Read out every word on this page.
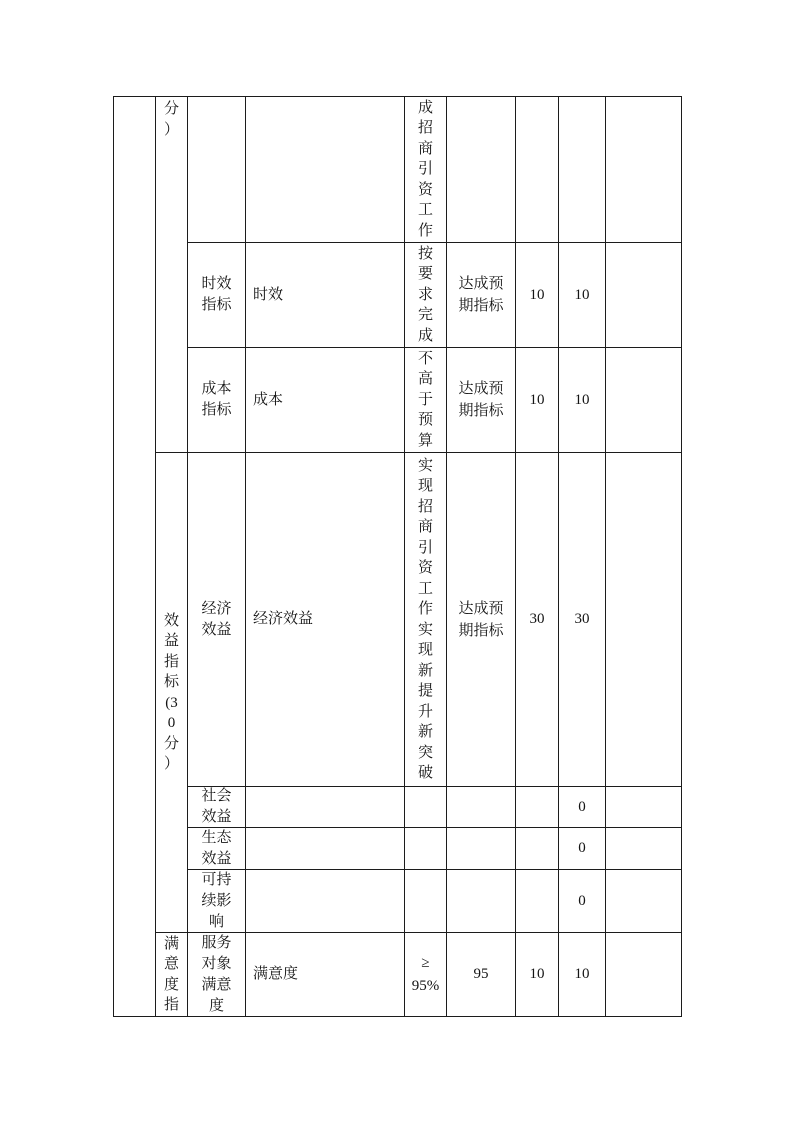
分）
效益指标(30分）
满意度指
成招商引资工作
时效指标
时效
按要求完成
达成预期指标
10 10
成本指标
成本
不高于预算
达成预期指标
10 10
经济效益
经济效益
实现招商引资工作实现新提升新突破
达成预期指标
30 30
社会效益
0
生态效益
0
可持续影响
0
服务对象满意度
满意度
≥
95%
95	10 10
